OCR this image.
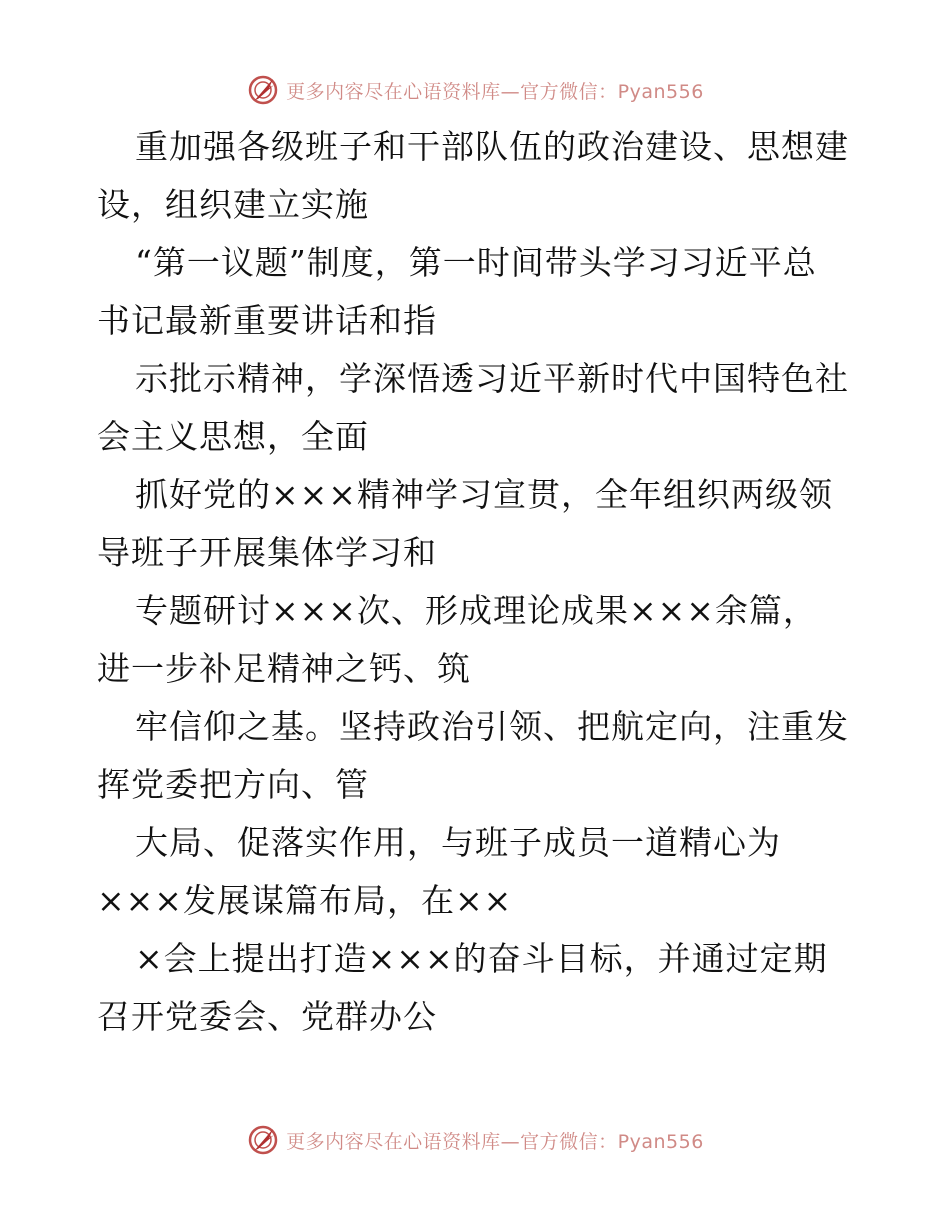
更多内容尽在心语资料库—官方微信：Pyan556
重加强各级班子和干部队伍的政治建设、思想建
设，组织建立实施
“第一议题”制度，第一时间带头学习习近平总
书记最新重要讲话和指
示批示精神，学深悟透习近平新时代中国特色社
会主义思想，全面
抓好党的×××精神学习宣贯，全年组织两级领
导班子开展集体学习和
专题研讨×××次、形成理论成果×××余篇，
进一步补足精神之钙、筑
牢信仰之基。坚持政治引领、把航定向，注重发
挥党委把方向、管
大局、促落实作用，与班子成员一道精心为
×××发展谋篇布局，在××
×会上提出打造×××的奋斗目标，并通过定期
召开党委会、党群办公
更多内容尽在心语资料库—官方微信：Pyan556
